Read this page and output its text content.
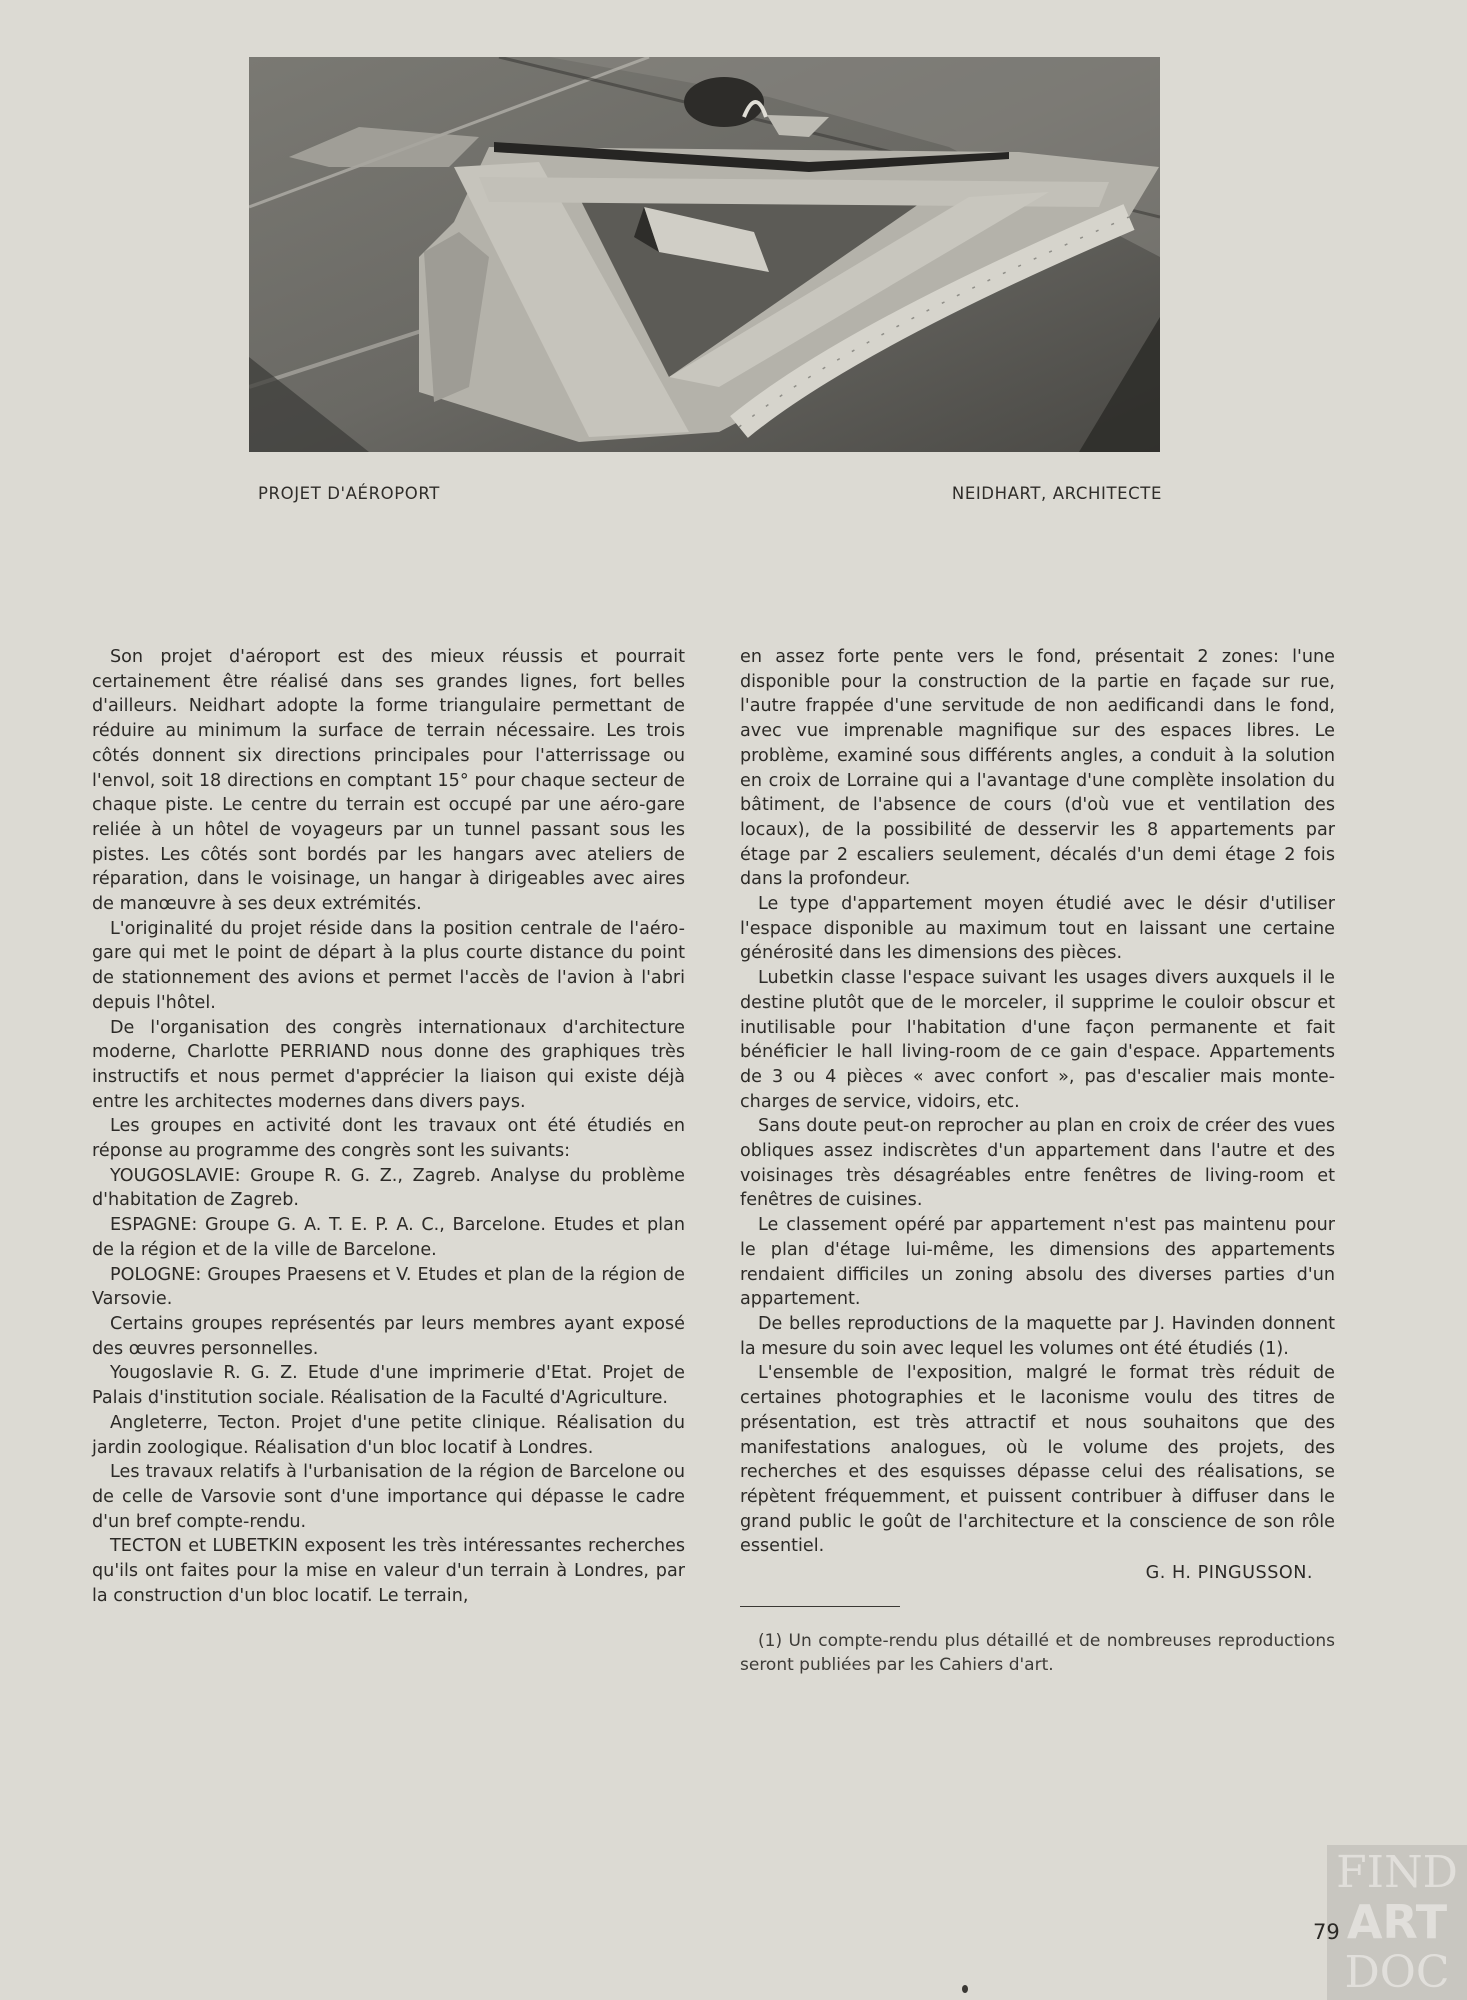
PROJET D'AÉROPORT	NEIDHART, ARCHITECTE

Son projet d'aéroport est des mieux réussis et pourrait certainement être réalisé dans ses grandes lignes, fort belles d'ailleurs. Neidhart adopte la forme triangulaire permettant de réduire au minimum la surface de terrain nécessaire. Les trois côtés donnent six directions principales pour l'atterrissage ou l'envol, soit 18 directions en comptant 15° pour chaque secteur de chaque piste. Le centre du terrain est occupé par une aéro-gare reliée à un hôtel de voyageurs par un tunnel passant sous les pistes. Les côtés sont bordés par les hangars avec ateliers de réparation, dans le voisinage, un hangar à dirigeables avec aires de manœuvre à ses deux extrémités.

L'originalité du projet réside dans la position centrale de l'aéro-gare qui met le point de départ à la plus courte distance du point de stationnement des avions et permet l'accès de l'avion à l'abri depuis l'hôtel.

De l'organisation des congrès internationaux d'architecture moderne, Charlotte PERRIAND nous donne des graphiques très instructifs et nous permet d'apprécier la liaison qui existe déjà entre les architectes modernes dans divers pays.

Les groupes en activité dont les travaux ont été étudiés en réponse au programme des congrès sont les suivants:

YOUGOSLAVIE: Groupe R. G. Z., Zagreb. Analyse du problème d'habitation de Zagreb.

ESPAGNE: Groupe G. A. T. E. P. A. C., Barcelone. Etudes et plan de la région et de la ville de Barcelone.

POLOGNE: Groupes Praesens et V. Etudes et plan de la région de Varsovie.

Certains groupes représentés par leurs membres ayant exposé des œuvres personnelles.

Yougoslavie R. G. Z. Etude d'une imprimerie d'Etat. Projet de Palais d'institution sociale. Réalisation de la Faculté d'Agriculture.

Angleterre, Tecton. Projet d'une petite clinique. Réalisation du jardin zoologique. Réalisation d'un bloc locatif à Londres.

Les travaux relatifs à l'urbanisation de la région de Barcelone ou de celle de Varsovie sont d'une importance qui dépasse le cadre d'un bref compte-rendu.

TECTON et LUBETKIN exposent les très intéressantes recherches qu'ils ont faites pour la mise en valeur d'un terrain à Londres, par la construction d'un bloc locatif. Le terrain,

en assez forte pente vers le fond, présentait 2 zones: l'une disponible pour la construction de la partie en façade sur rue, l'autre frappée d'une servitude de non aedificandi dans le fond, avec vue imprenable magnifique sur des espaces libres. Le problème, examiné sous différents angles, a conduit à la solution en croix de Lorraine qui a l'avantage d'une complète insolation du bâtiment, de l'absence de cours (d'où vue et ventilation des locaux), de la possibilité de desservir les 8 appartements par étage par 2 escaliers seulement, décalés d'un demi étage 2 fois dans la profondeur.

Le type d'appartement moyen étudié avec le désir d'utiliser l'espace disponible au maximum tout en laissant une certaine générosité dans les dimensions des pièces.

Lubetkin classe l'espace suivant les usages divers auxquels il le destine plutôt que de le morceler, il supprime le couloir obscur et inutilisable pour l'habitation d'une façon permanente et fait bénéficier le hall living-room de ce gain d'espace. Appartements de 3 ou 4 pièces « avec confort », pas d'escalier mais monte-charges de service, vidoirs, etc.

Sans doute peut-on reprocher au plan en croix de créer des vues obliques assez indiscrètes d'un appartement dans l'autre et des voisinages très désagréables entre fenêtres de living-room et fenêtres de cuisines.

Le classement opéré par appartement n'est pas maintenu pour le plan d'étage lui-même, les dimensions des appartements rendaient difficiles un zoning absolu des diverses parties d'un appartement.

De belles reproductions de la maquette par J. Havinden donnent la mesure du soin avec lequel les volumes ont été étudiés (1).

L'ensemble de l'exposition, malgré le format très réduit de certaines photographies et le laconisme voulu des titres de présentation, est très attractif et nous souhaitons que des manifestations analogues, où le volume des projets, des recherches et des esquisses dépasse celui des réalisations, se répètent fréquemment, et puissent contribuer à diffuser dans le grand public le goût de l'architecture et la conscience de son rôle essentiel.

G. H. PINGUSSON.

(1) Un compte-rendu plus détaillé et de nombreuses reproductions seront publiées par les Cahiers d'art.

FIND
ART
DOC
79
